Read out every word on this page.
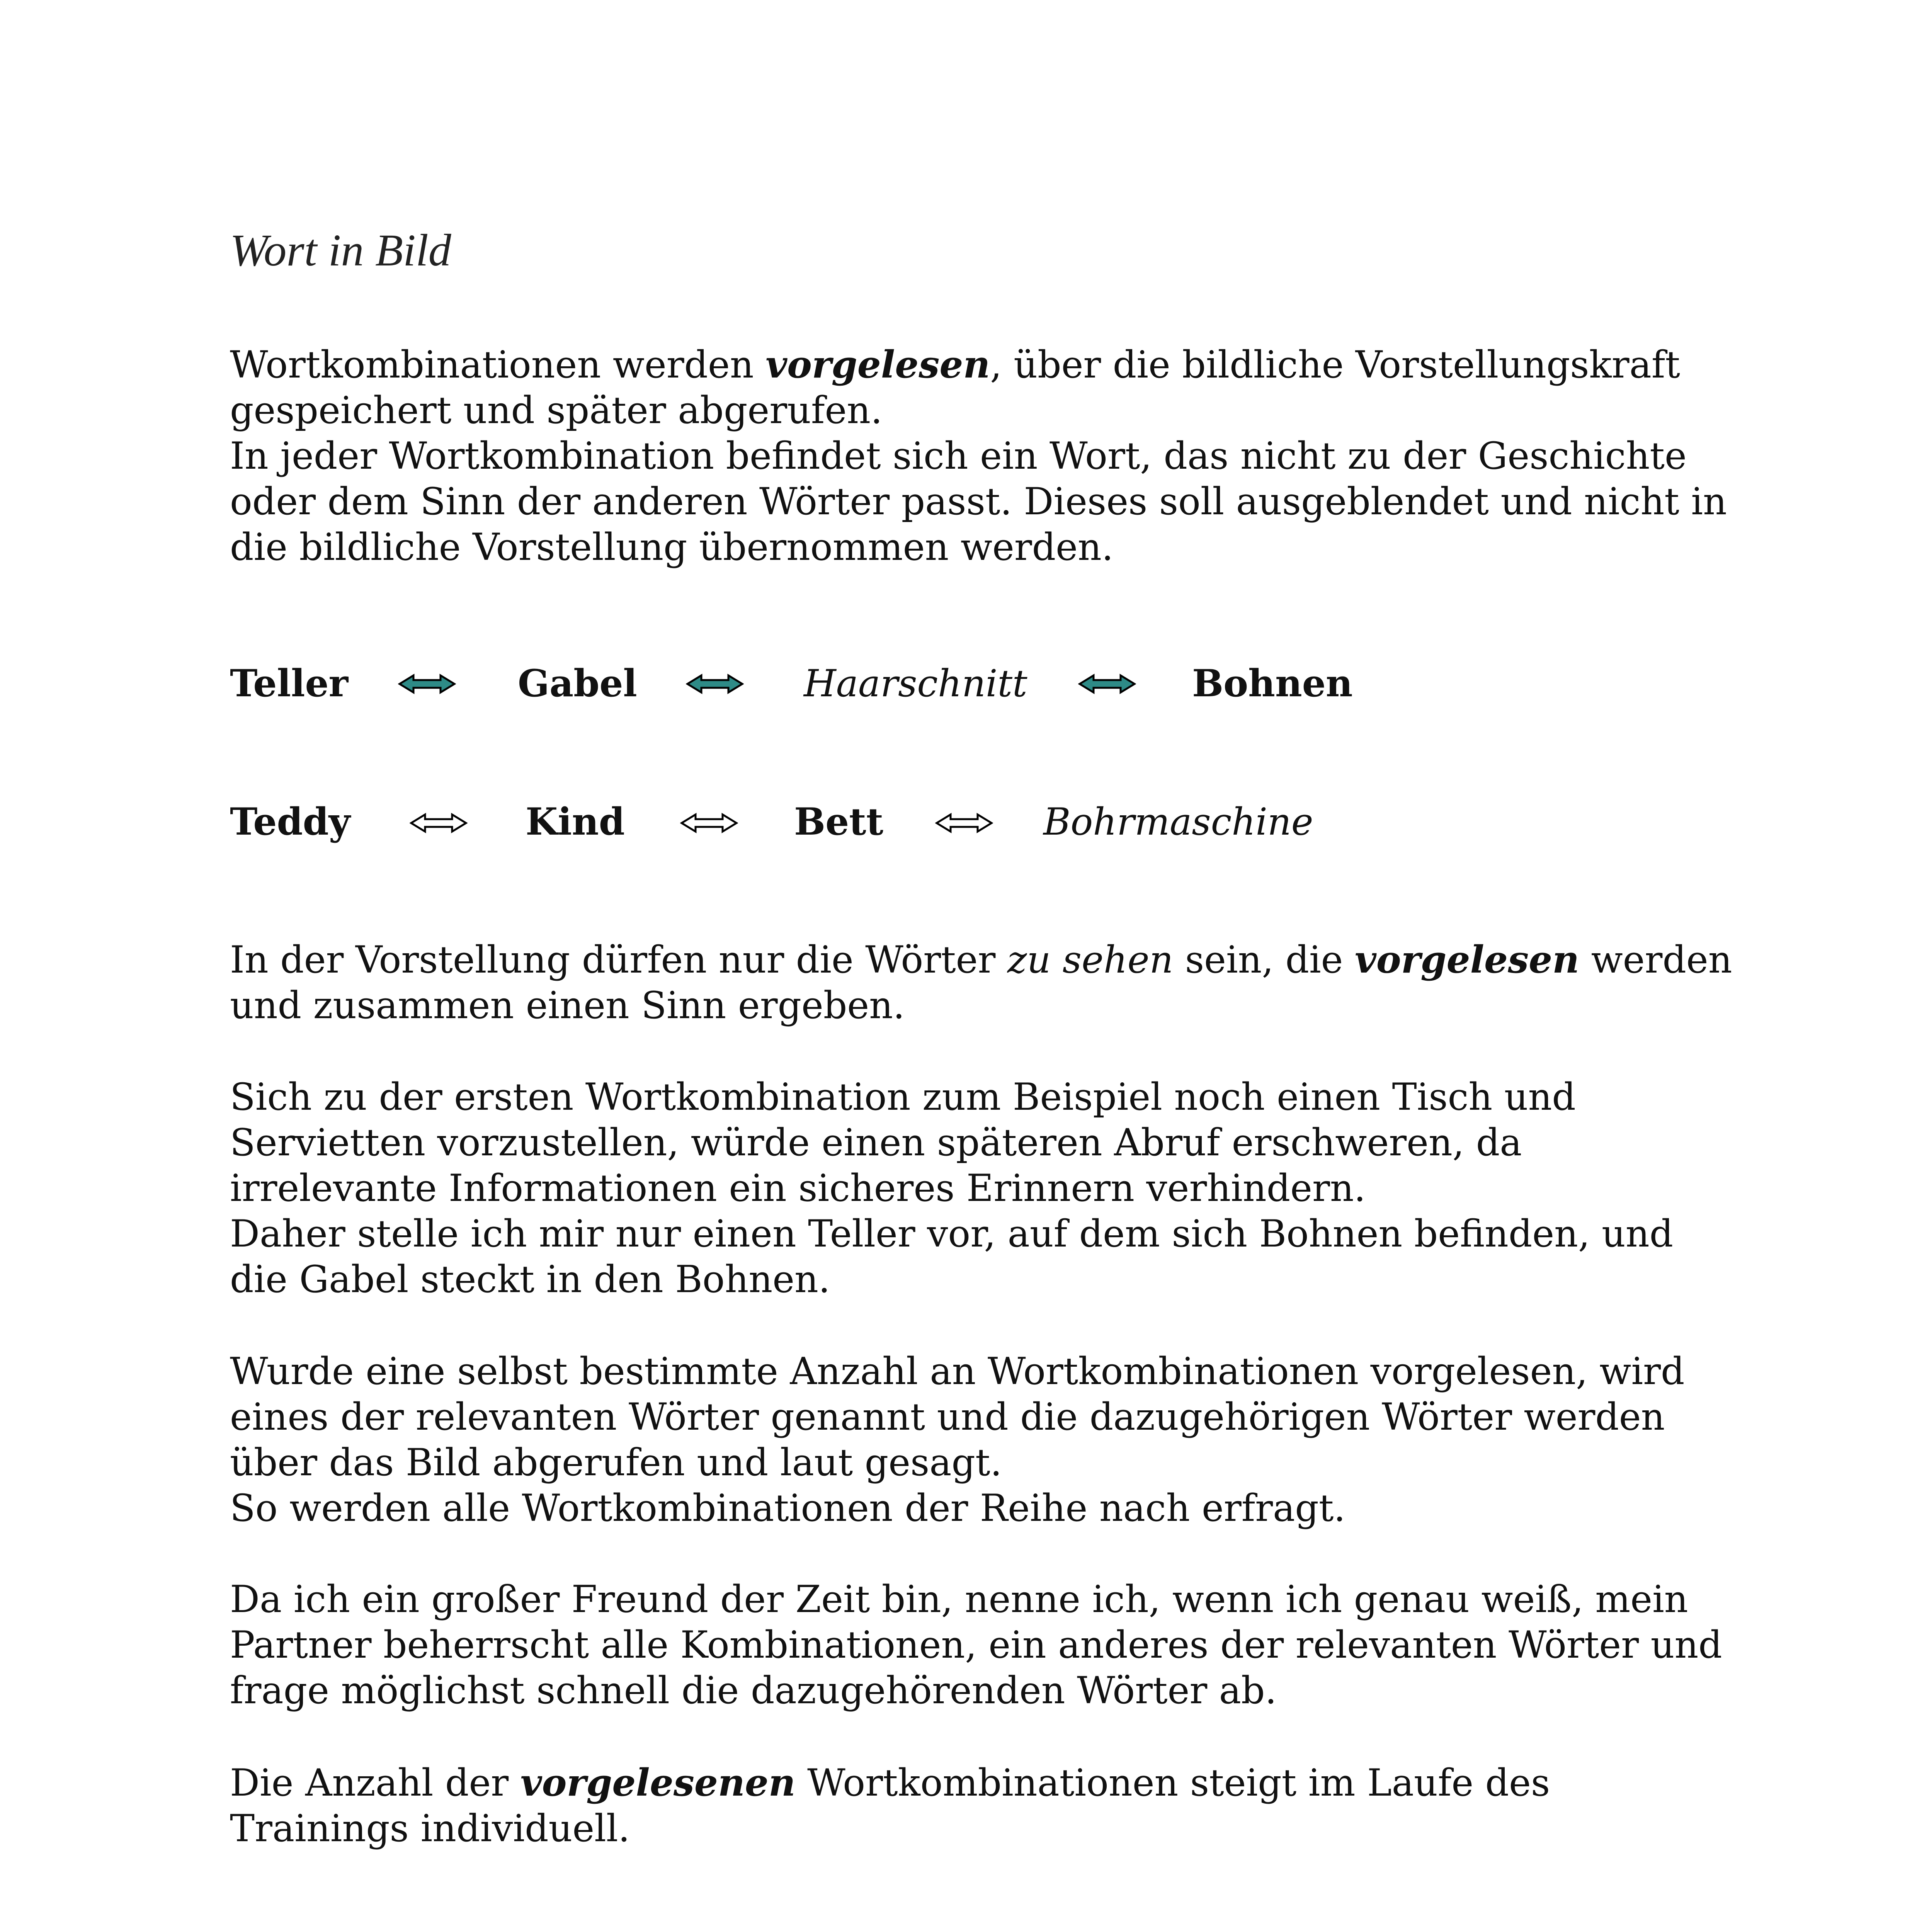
Wort in Bild

Wortkombinationen werden vorgelesen, über die bildliche Vorstellungskraft gespeichert und später abgerufen.

In jeder Wortkombination befindet sich ein Wort, das nicht zu der Geschichte oder dem Sinn der anderen Wörter passt. Dieses soll ausgeblendet und nicht in die bildliche Vorstellung übernommen werden.

Teller	Gabel	Haarschnitt	Bohnen
Teddy	Kind	Bett	Bohrmaschine

In der Vorstellung dürfen nur die Wörter zu sehen sein, die vorgelesen werden und zusammen einen Sinn ergeben.

Sich zu der ersten Wortkombination zum Beispiel noch einen Tisch und Servietten vorzustellen, würde einen späteren Abruf erschweren, da irrelevante Informationen ein sicheres Erinnern verhindern.

Daher stelle ich mir nur einen Teller vor, auf dem sich Bohnen befinden, und die Gabel steckt in den Bohnen.

Wurde eine selbst bestimmte Anzahl an Wortkombinationen vorgelesen, wird eines der relevanten Wörter genannt und die dazugehörigen Wörter werden über das Bild abgerufen und laut gesagt.

So werden alle Wortkombinationen der Reihe nach erfragt.

Da ich ein großer Freund der Zeit bin, nenne ich, wenn ich genau weiß, mein Partner beherrscht alle Kombinationen, ein anderes der relevanten Wörter und frage möglichst schnell die dazugehörenden Wörter ab.

Die Anzahl der vorgelesenen Wortkombinationen steigt im Laufe des Trainings individuell.
